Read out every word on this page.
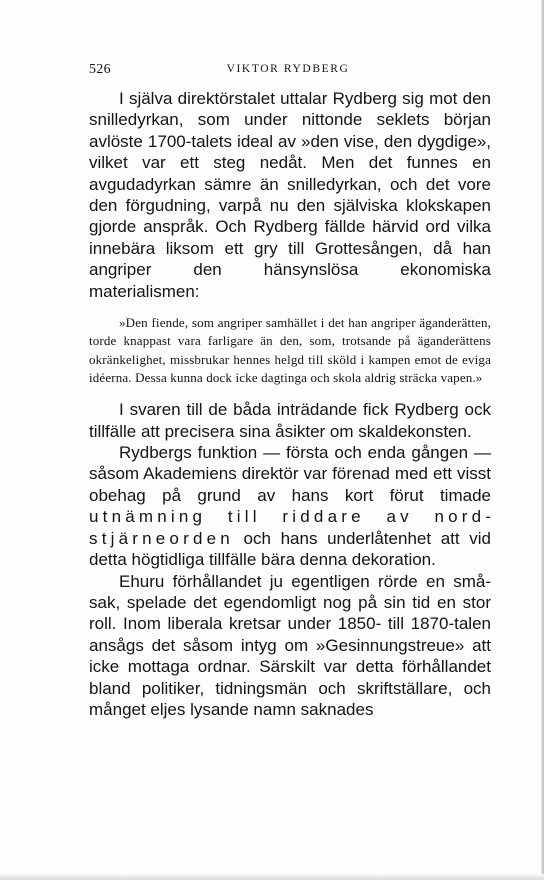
526	VIKTOR RYDBERG

I själva direktörstalet uttalar Rydberg sig mot den snilledyrkan, som under nittonde seklets början avlöste 1700-talets ideal av »den vise, den dygdige», vilket var ett steg nedåt. Men det funnes en avgudadyrkan sämre än snilledyrkan, och det vore den förgudning, varpå nu den själviska klokskapen gjorde anspråk. Och Rydberg fällde härvid ord vilka innebära liksom ett gry till Grottesången, då han angriper den hänsynslösa ekonomiska materialismen:

»Den fiende, som angriper samhället i det han angriper äganderätten, torde knappast vara farligare än den, som, trotsande på äganderättens okränkelighet, missbrukar hennes helgd till sköld i kampen emot de eviga idéerna. Dessa kunna dock icke dagtinga och skola aldrig sträcka vapen.»

I svaren till de båda inträdande fick Rydberg ock tillfälle att precisera sina åsikter om skaldekonsten.

Rydbergs funktion — första och enda gången — såsom Akademiens direktör var förenad med ett visst obehag på grund av hans kort förut timade utnämning till riddare av nordstjärneorden och hans underlåtenhet att vid detta högtidliga tillfälle bära denna dekoration.

Ehuru förhållandet ju egentligen rörde en småsak, spelade det egendomligt nog på sin tid en stor roll. Inom liberala kretsar under 1850- till 1870-talen ansågs det såsom intyg om »Gesinnungstreue» att icke mottaga ordnar. Särskilt var detta förhållandet bland politiker, tidningsmän och skriftställare, och månget eljes lysande namn saknades
